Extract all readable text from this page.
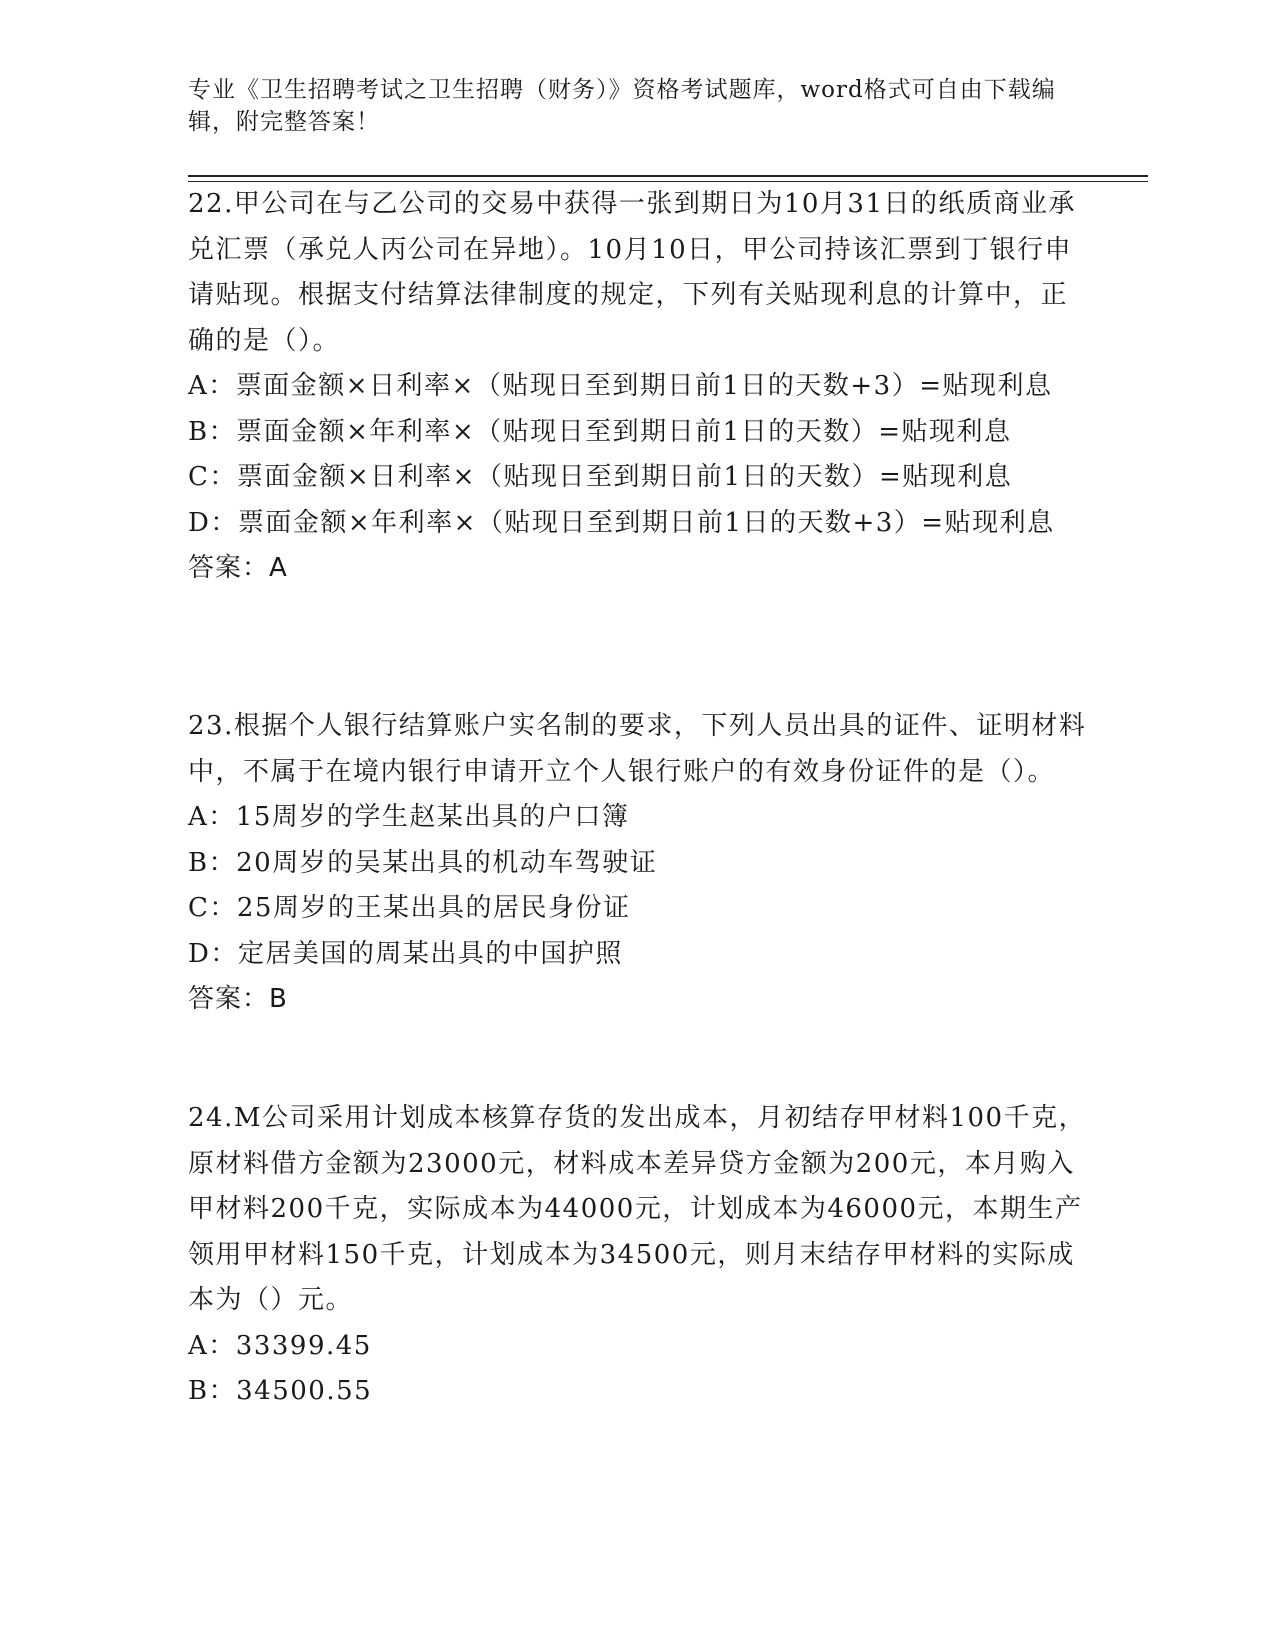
专业《卫生招聘考试之卫生招聘（财务）》资格考试题库，word格式可自由下载编辑，附完整答案！

22.甲公司在与乙公司的交易中获得一张到期日为10月31日的纸质商业承兑汇票（承兑人丙公司在异地）。10月10日，甲公司持该汇票到丁银行申请贴现。根据支付结算法律制度的规定，下列有关贴现利息的计算中，正确的是（）。

A：票面金额×日利率×（贴现日至到期日前1日的天数+3）=贴现利息

B：票面金额×年利率×（贴现日至到期日前1日的天数）=贴现利息

C：票面金额×日利率×（贴现日至到期日前1日的天数）=贴现利息

D：票面金额×年利率×（贴现日至到期日前1日的天数+3）=贴现利息

答案：A

23.根据个人银行结算账户实名制的要求，下列人员出具的证件、证明材料中，不属于在境内银行申请开立个人银行账户的有效身份证件的是（）。

A：15周岁的学生赵某出具的户口簿

B：20周岁的吴某出具的机动车驾驶证

C：25周岁的王某出具的居民身份证

D：定居美国的周某出具的中国护照

答案：B

24.M公司采用计划成本核算存货的发出成本，月初结存甲材料100千克，原材料借方金额为23000元，材料成本差异贷方金额为200元，本月购入甲材料200千克，实际成本为44000元，计划成本为46000元，本期生产领用甲材料150千克，计划成本为34500元，则月末结存甲材料的实际成本为（）元。

A：33399.45

B：34500.55
